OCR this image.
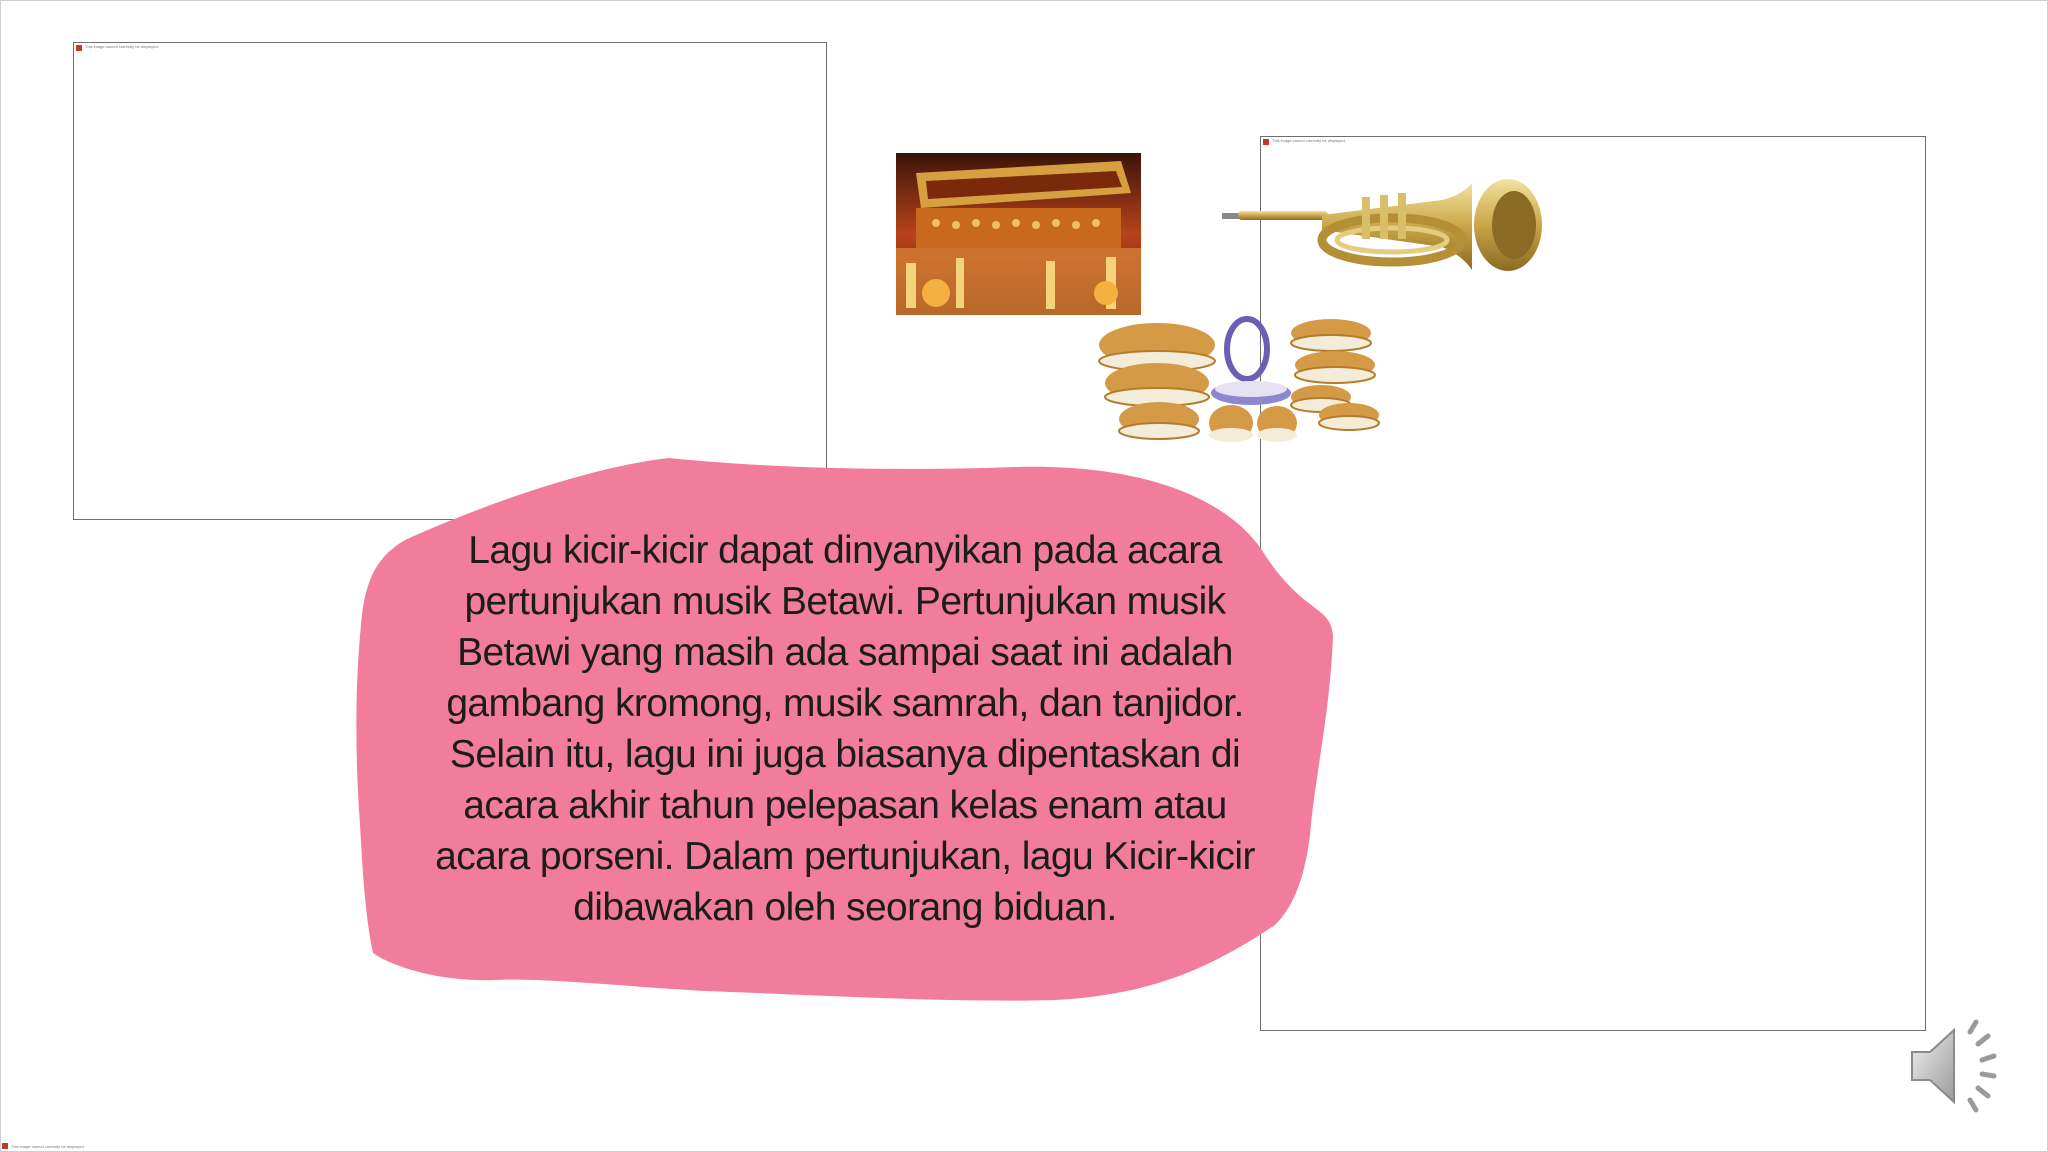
This image cannot currently be displayed.
This image cannot currently be displayed.
Lagu kicir-kicir dapat dinyanyikan pada acara pertunjukan musik Betawi. Pertunjukan musik Betawi yang masih ada sampai saat ini adalah gambang kromong, musik samrah, dan tanjidor. Selain itu, lagu ini juga biasanya dipentaskan di acara akhir tahun pelepasan kelas enam atau acara porseni. Dalam pertunjukan, lagu Kicir-kicir dibawakan oleh seorang biduan.
This image cannot currently be displayed.
